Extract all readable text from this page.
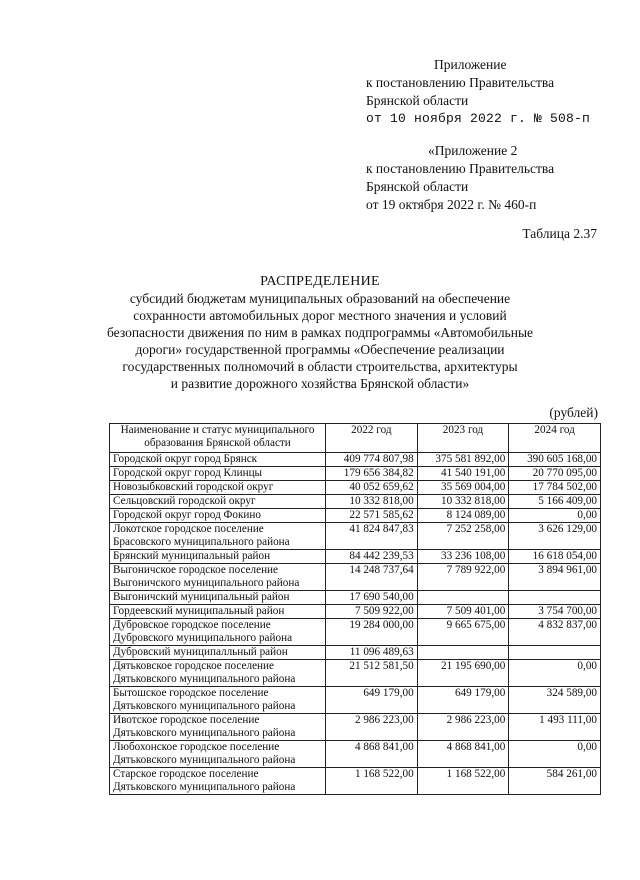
Приложение
к постановлению Правительства
Брянской области
от 10 ноября 2022 г. № 508-п
«Приложение 2
к постановлению Правительства
Брянской области
от 19 октября 2022 г. № 460-п
Таблица 2.37
РАСПРЕДЕЛЕНИЕ
субсидий бюджетам муниципальных образований на обеспечение
сохранности автомобильных дорог местного значения и условий
безопасности движения по ним в рамках подпрограммы «Автомобильные
дороги» государственной программы «Обеспечение реализации
государственных полномочий в области строительства, архитектуры
и развитие дорожного хозяйства Брянской области»
(рублей)
Наименование и статус муниципального образования Брянской области	2022 год	2023 год	2024 год
Городской округ город Брянск	409 774 807,98	375 581 892,00	390 605 168,00
Городской округ город Клинцы	179 656 384,82	41 540 191,00	20 770 095,00
Новозыбковский городской округ	40 052 659,62	35 569 004,00	17 784 502,00
Сельцовский городской округ	10 332 818,00	10 332 818,00	5 166 409,00
Городской округ город Фокино	22 571 585,62	8 124 089,00	0,00
Локотское городское поселение Брасовского муниципального района	41 824 847,83	7 252 258,00	3 626 129,00
Брянский муниципальный район	84 442 239,53	33 236 108,00	16 618 054,00
Выгоничское городское поселение Выгоничского муниципального района	14 248 737,64	7 789 922,00	3 894 961,00
Выгоничский муниципальный район	17 690 540,00		
Гордеевский муниципальный район	7 509 922,00	7 509 401,00	3 754 700,00
Дубровское городское поселение Дубровского муниципального района	19 284 000,00	9 665 675,00	4 832 837,00
Дубровский муниципалльный район	11 096 489,63		
Дятьковское городское поселение Дятьковского муниципального района	21 512 581,50	21 195 690,00	0,00
Бытошское городское поселение Дятьковского муниципального района	649 179,00	649 179,00	324 589,00
Ивотское городское поселение Дятьковского муниципального района	2 986 223,00	2 986 223,00	1 493 111,00
Любохонское городское поселение Дятьковского муниципального района	4 868 841,00	4 868 841,00	0,00
Старское городское поселение Дятьковского муниципального района	1 168 522,00	1 168 522,00	584 261,00
